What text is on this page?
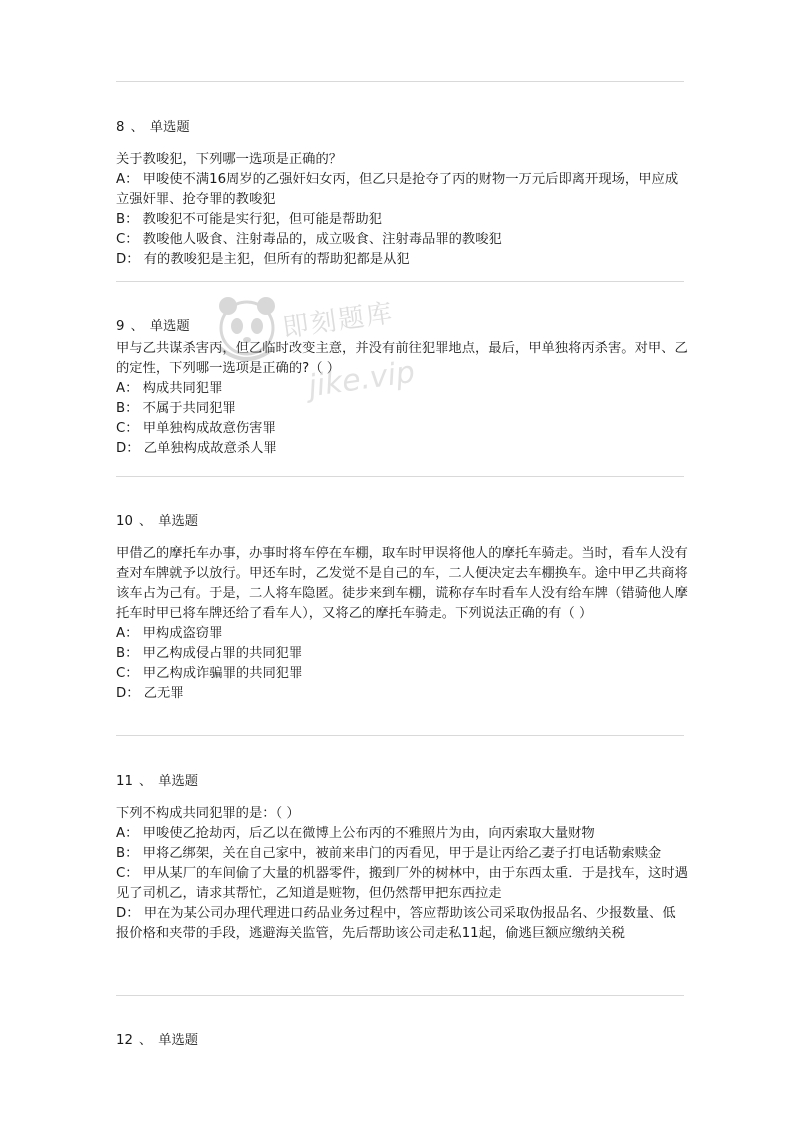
8 、 单选题
关于教唆犯，下列哪一选项是正确的？
A： 甲唆使不满16周岁的乙强奸妇女丙，但乙只是抢夺了丙的财物一万元后即离开现场，甲应成立强奸罪、抢夺罪的教唆犯
B： 教唆犯不可能是实行犯，但可能是帮助犯
C： 教唆他人吸食、注射毒品的，成立吸食、注射毒品罪的教唆犯
D： 有的教唆犯是主犯，但所有的帮助犯都是从犯
9 、 单选题
甲与乙共谋杀害丙，但乙临时改变主意，并没有前往犯罪地点，最后，甲单独将丙杀害。对甲、乙的定性，下列哪一选项是正确的?（ ）
A： 构成共同犯罪
B： 不属于共同犯罪
C： 甲单独构成故意伤害罪
D： 乙单独构成故意杀人罪
10 、 单选题
甲借乙的摩托车办事，办事时将车停在车棚，取车时甲误将他人的摩托车骑走。当时，看车人没有查对车牌就予以放行。甲还车时，乙发觉不是自己的车，二人便决定去车棚换车。途中甲乙共商将该车占为己有。于是，二人将车隐匿。徒步来到车棚，谎称存车时看车人没有给车牌（错骑他人摩托车时甲已将车牌还给了看车人），又将乙的摩托车骑走。下列说法正确的有（ ）
A： 甲构成盗窃罪
B： 甲乙构成侵占罪的共同犯罪
C： 甲乙构成诈骗罪的共同犯罪
D： 乙无罪
11 、 单选题
下列不构成共同犯罪的是：（ ）
A： 甲唆使乙抢劫丙，后乙以在微博上公布丙的不雅照片为由，向丙索取大量财物
B： 甲将乙绑架，关在自己家中，被前来串门的丙看见，甲于是让丙给乙妻子打电话勒索赎金
C： 甲从某厂的车间偷了大量的机器零件，搬到厂外的树林中，由于东西太重．于是找车，这时遇见了司机乙，请求其帮忙，乙知道是赃物，但仍然帮甲把东西拉走
D： 甲在为某公司办理代理进口药品业务过程中，答应帮助该公司采取伪报品名、少报数量、低报价格和夹带的手段，逃避海关监管，先后帮助该公司走私11起，偷逃巨额应缴纳关税
12 、 单选题
即刻题库
jike.vip
